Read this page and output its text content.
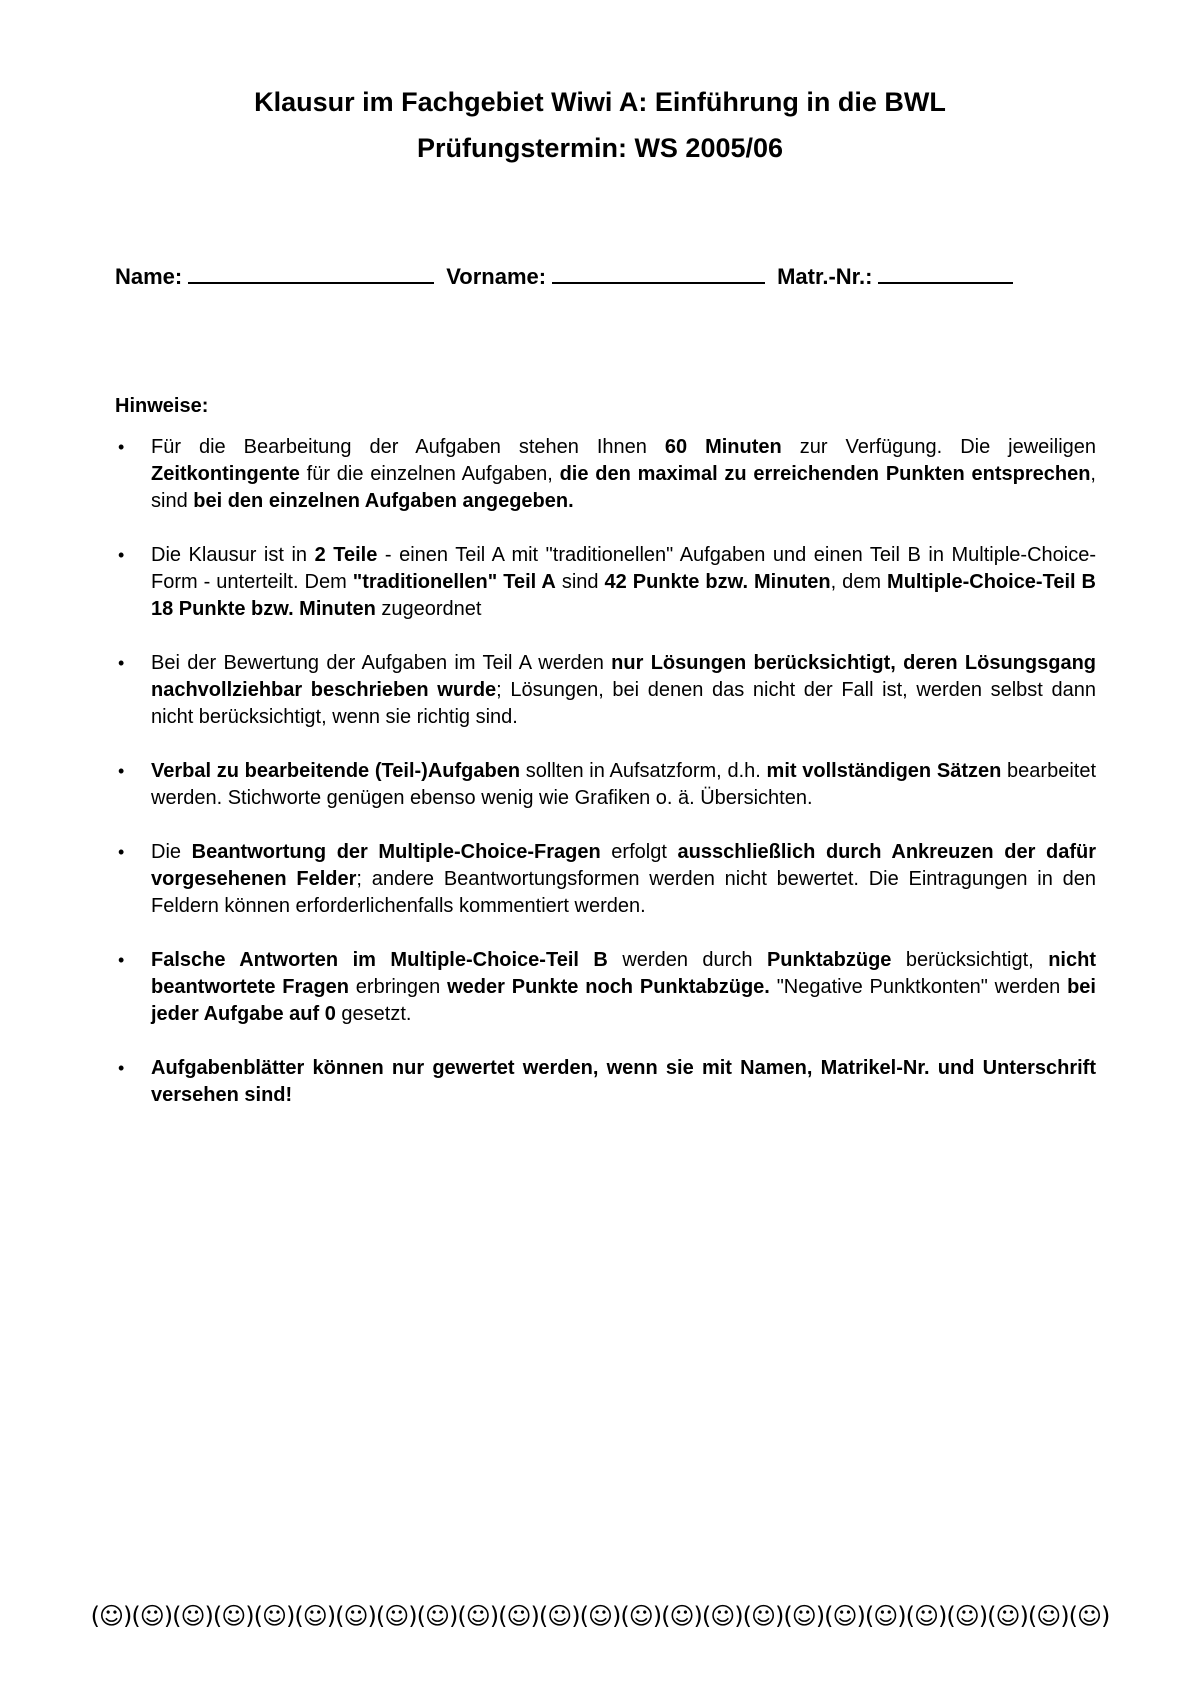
Klausur im Fachgebiet Wiwi A: Einführung in die BWL
Prüfungstermin: WS 2005/06
Name:	Vorname:	Matr.-Nr.:
Hinweise:
• Für die Bearbeitung der Aufgaben stehen Ihnen 60 Minuten zur Verfügung. Die jeweiligen Zeitkontingente für die einzelnen Aufgaben, die den maximal zu erreichenden Punkten entsprechen, sind bei den einzelnen Aufgaben angegeben.
• Die Klausur ist in 2 Teile - einen Teil A mit "traditionellen" Aufgaben und einen Teil B in Multiple-Choice-Form - unterteilt. Dem "traditionellen" Teil A sind 42 Punkte bzw. Minuten, dem Multiple-Choice-Teil B 18 Punkte bzw. Minuten zugeordnet
• Bei der Bewertung der Aufgaben im Teil A werden nur Lösungen berücksichtigt, deren Lösungsgang nachvollziehbar beschrieben wurde; Lösungen, bei denen das nicht der Fall ist, werden selbst dann nicht berücksichtigt, wenn sie richtig sind.
• Verbal zu bearbeitende (Teil-)Aufgaben sollten in Aufsatzform, d.h. mit vollständigen Sätzen bearbeitet werden. Stichworte genügen ebenso wenig wie Grafiken o. ä. Übersichten.
• Die Beantwortung der Multiple-Choice-Fragen erfolgt ausschließlich durch Ankreuzen der dafür vorgesehenen Felder; andere Beantwortungsformen werden nicht bewertet. Die Eintragungen in den Feldern können erforderlichenfalls kommentiert werden.
• Falsche Antworten im Multiple-Choice-Teil B werden durch Punktabzüge berücksichtigt, nicht beantwortete Fragen erbringen weder Punkte noch Punktabzüge. "Negative Punktkonten" werden bei jeder Aufgabe auf 0 gesetzt.
• Aufgabenblätter können nur gewertet werden, wenn sie mit Namen, Matrikel-Nr. und Unterschrift versehen sind!
(☺)(☺)(☺)(☺)(☺)(☺)(☺)(☺)(☺)(☺)(☺)(☺)(☺)(☺)(☺)(☺)(☺)(☺)(☺)(☺)(☺)(☺)(☺)(☺)(☺)
